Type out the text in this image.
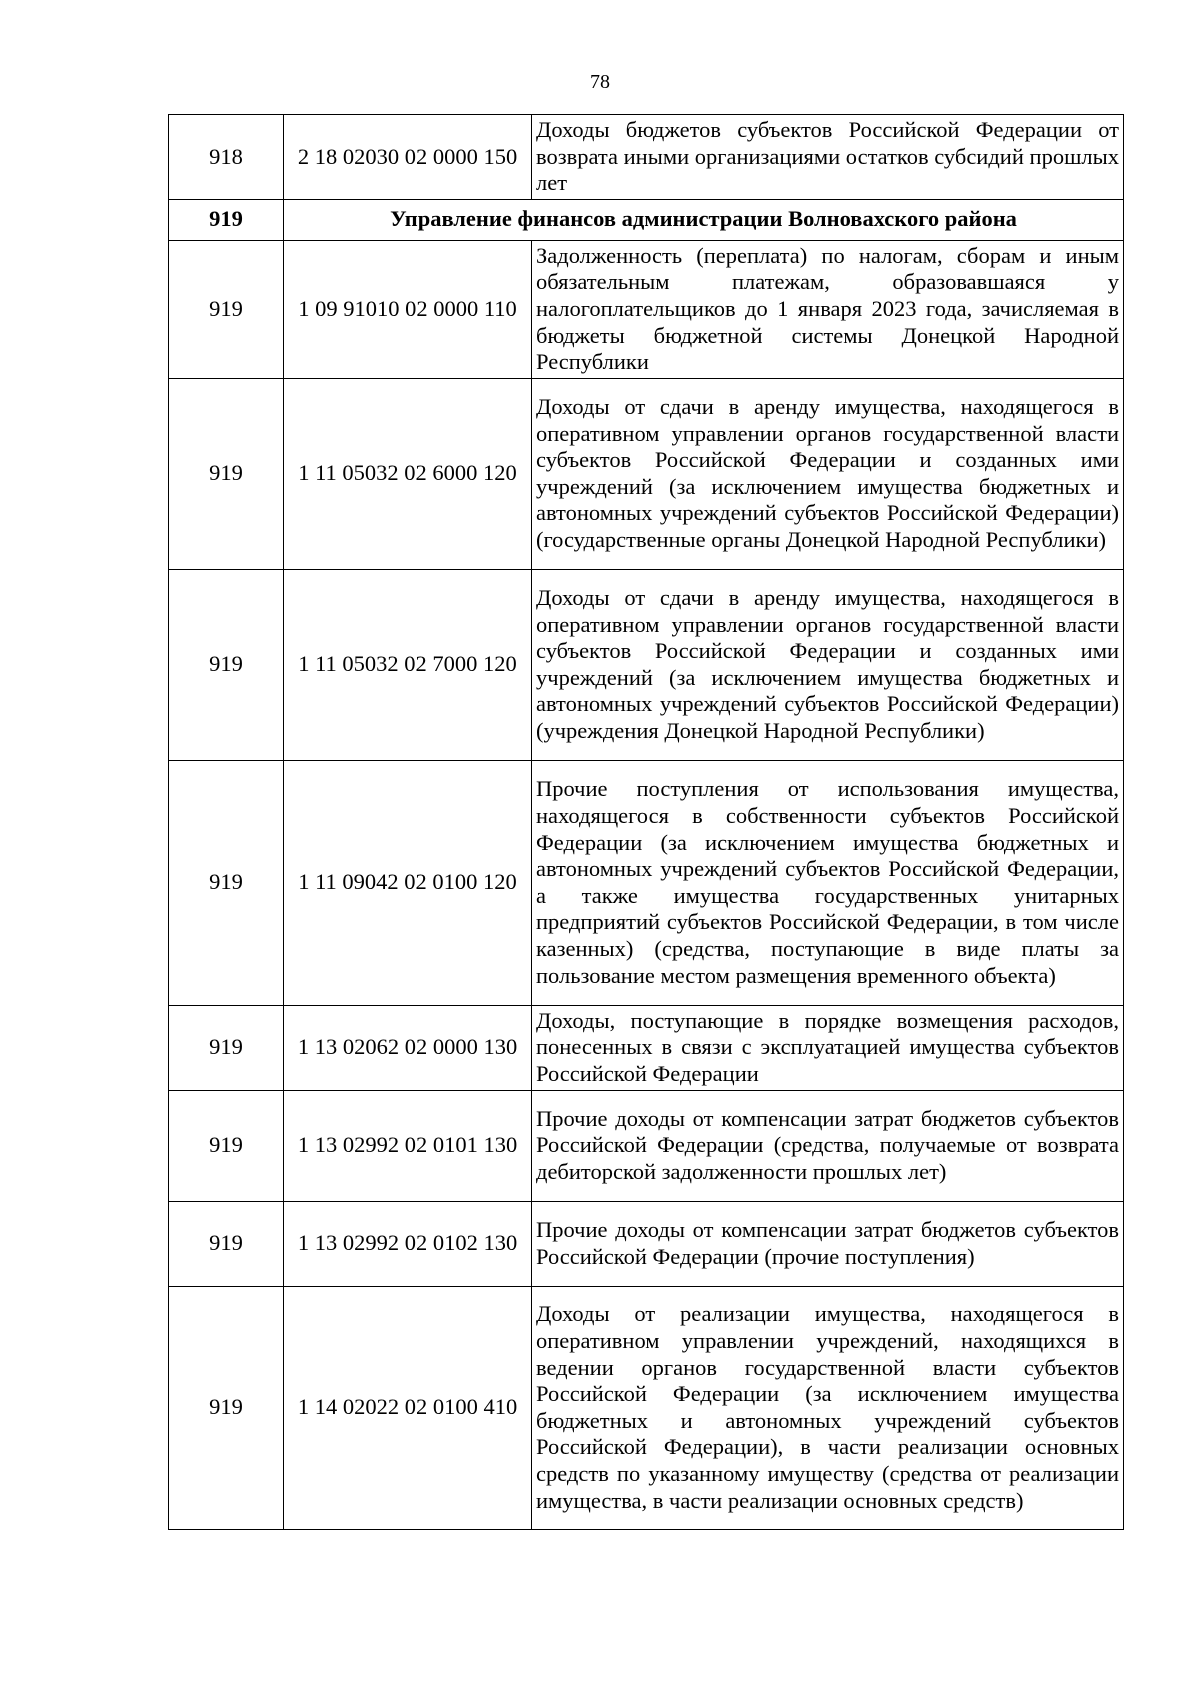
78
918	2 18 02030 02 0000 150	Доходы бюджетов субъектов Российской Федерации от возврата иными организациями остатков субсидий прошлых лет
919	Управление финансов администрации Волновахского района	
919	1 09 91010 02 0000 110	Задолженность (переплата) по налогам, сборам и иным обязательным платежам, образовавшаяся у налогоплательщиков до 1 января 2023 года, зачисляемая в бюджеты бюджетной системы Донецкой Народной Республики
919	1 11 05032 02 6000 120	Доходы от сдачи в аренду имущества, находящегося в оперативном управлении органов государственной власти субъектов Российской Федерации и созданных ими учреждений (за исключением имущества бюджетных и автономных учреждений субъектов Российской Федерации) (государственные органы Донецкой Народной Республики)
919	1 11 05032 02 7000 120	Доходы от сдачи в аренду имущества, находящегося в оперативном управлении органов государственной власти субъектов Российской Федерации и созданных ими учреждений (за исключением имущества бюджетных и автономных учреждений субъектов Российской Федерации) (учреждения Донецкой Народной Республики)
919	1 11 09042 02 0100 120	Прочие поступления от использования имущества, находящегося в собственности субъектов Российской Федерации (за исключением имущества бюджетных и автономных учреждений субъектов Российской Федерации, а также имущества государственных унитарных предприятий субъектов Российской Федерации, в том числе казенных) (средства, поступающие в виде платы за пользование местом размещения временного объекта)
919	1 13 02062 02 0000 130	Доходы, поступающие в порядке возмещения расходов, понесенных в связи с эксплуатацией имущества субъектов Российской Федерации
919	1 13 02992 02 0101 130	Прочие доходы от компенсации затрат бюджетов субъектов Российской Федерации (средства, получаемые от возврата дебиторской задолженности прошлых лет)
919	1 13 02992 02 0102 130	Прочие доходы от компенсации затрат бюджетов субъектов Российской Федерации (прочие поступления)
919	1 14 02022 02 0100 410	Доходы от реализации имущества, находящегося в оперативном управлении учреждений, находящихся в ведении органов государственной власти субъектов Российской Федерации (за исключением имущества бюджетных и автономных учреждений субъектов Российской Федерации), в части реализации основных средств по указанному имуществу (средства от реализации имущества, в части реализации основных средств)
